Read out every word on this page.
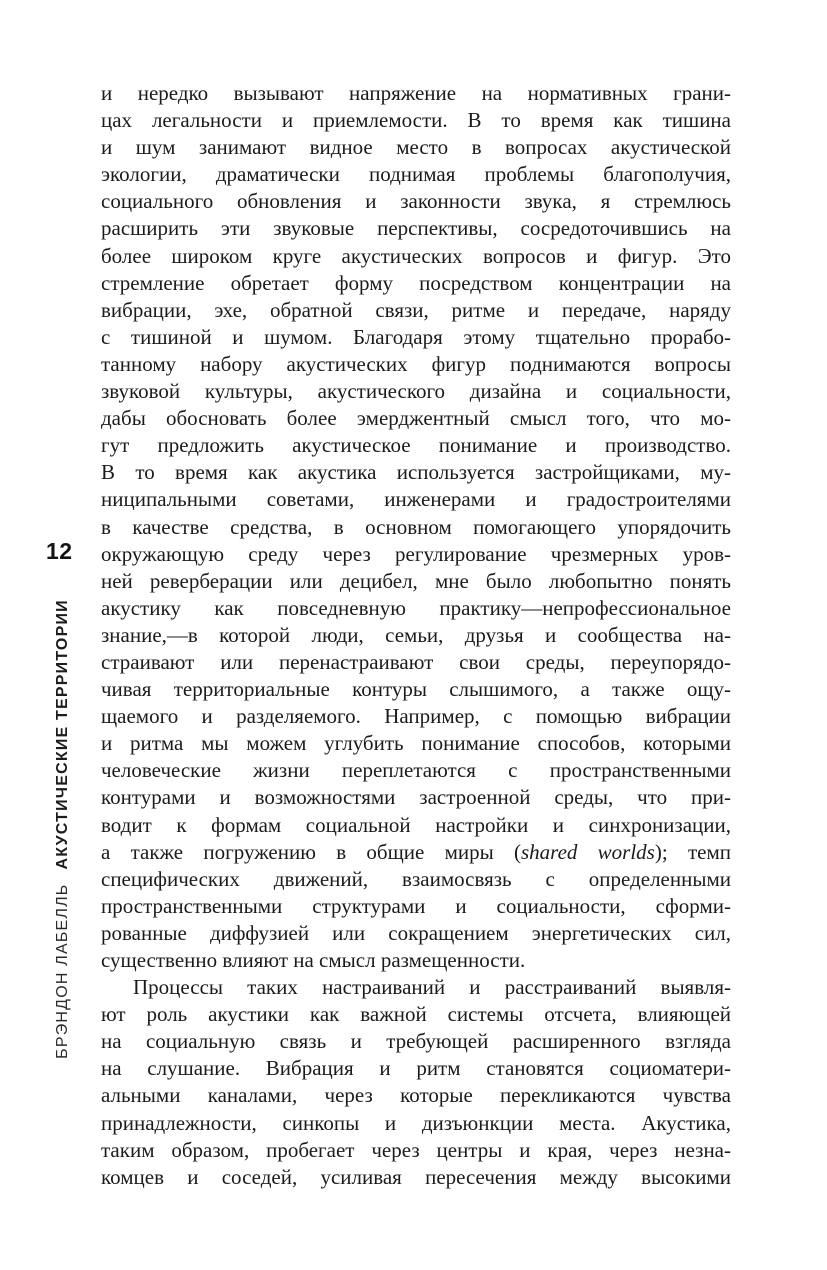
12
БРЭНДОН ЛАБЕЛЛЬАКУСТИЧЕСКИЕ ТЕРРИТОРИИ
и нередко вызывают напряжение на нормативных грани-
цах легальности и приемлемости. В то время как тишина
и шум занимают видное место в вопросах акустической
экологии, драматически поднимая проблемы благополучия,
социального обновления и законности звука, я стремлюсь
расширить эти звуковые перспективы, сосредоточившись на
более широком круге акустических вопросов и фигур. Это
стремление обретает форму посредством концентрации на
вибрации, эхе, обратной связи, ритме и передаче, наряду
с тишиной и шумом. Благодаря этому тщательно прорабо-
танному набору акустических фигур поднимаются вопросы
звуковой культуры, акустического дизайна и социальности,
дабы обосновать более эмерджентный смысл того, что мо-
гут предложить акустическое понимание и производство.
В то время как акустика используется застройщиками, му-
ниципальными советами, инженерами и градостроителями
в качестве средства, в основном помогающего упорядочить
окружающую среду через регулирование чрезмерных уров-
ней реверберации или децибел, мне было любопытно понять
акустику как повседневную практику—непрофессиональное
знание,—в которой люди, семьи, друзья и сообщества на-
страивают или перенастраивают свои среды, переупорядо-
чивая территориальные контуры слышимого, а также ощу-
щаемого и разделяемого. Например, с помощью вибрации
и ритма мы можем углубить понимание способов, которыми
человеческие жизни переплетаются с пространственными
контурами и возможностями застроенной среды, что при-
водит к формам социальной настройки и синхронизации,
а также погружению в общие миры (shared worlds); темп
специфических движений, взаимосвязь с определенными
пространственными структурами и социальности, сформи-
рованные диффузией или сокращением энергетических сил,
существенно влияют на смысл размещенности.
Процессы таких настраиваний и расстраиваний выявля-
ют роль акустики как важной системы отсчета, влияющей
на социальную связь и требующей расширенного взгляда
на слушание. Вибрация и ритм становятся социоматери-
альными каналами, через которые перекликаются чувства
принадлежности, синкопы и дизъюнкции места. Акустика,
таким образом, пробегает через центры и края, через незна-
комцев и соседей, усиливая пересечения между высокими
